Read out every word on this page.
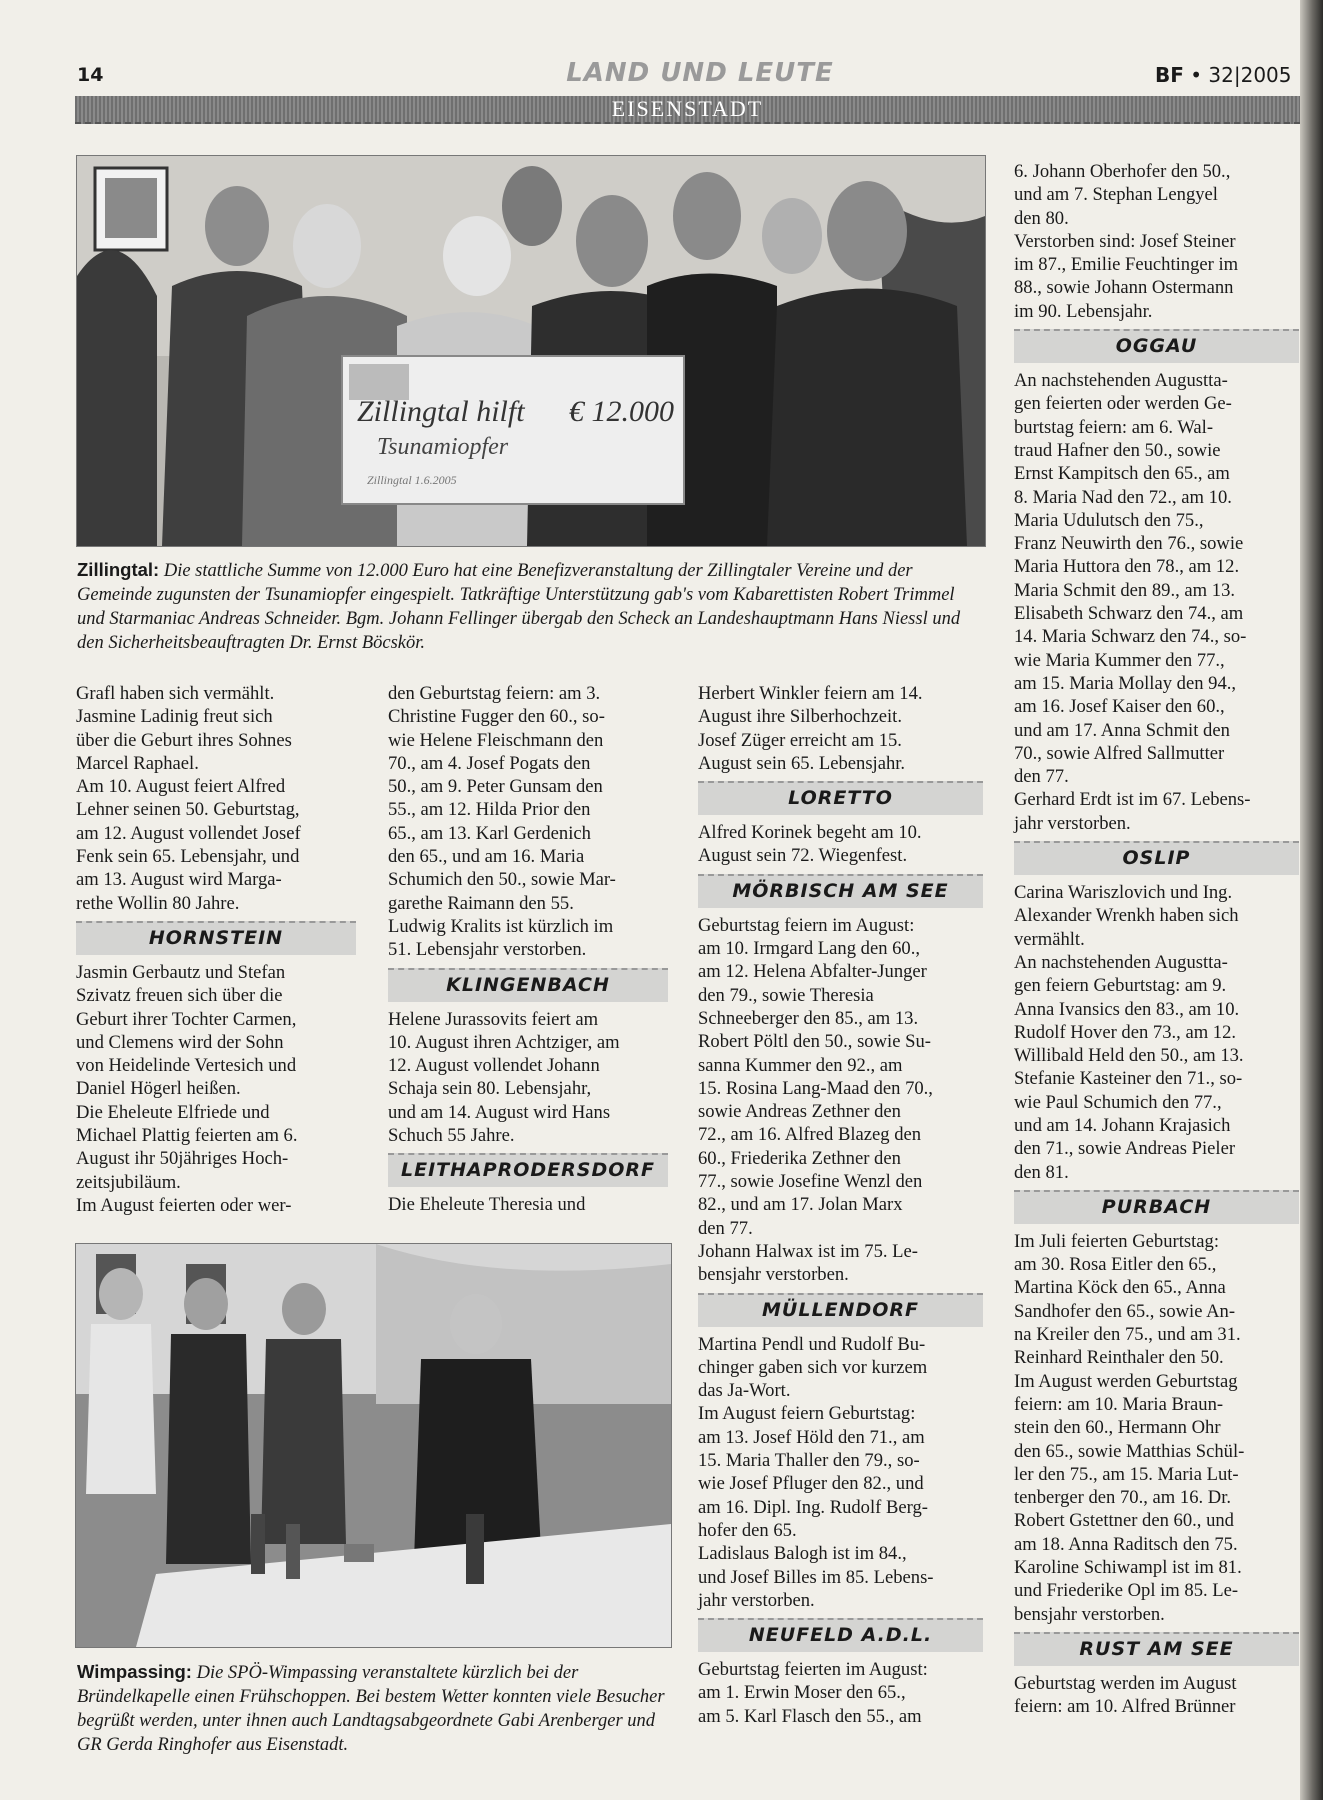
14	LAND UND LEUTE	BF • 32|2005
EISENSTADT
Zillingtal hilft € 12.000
Tsunamiopfer
Zillingtal 1.6.2005
Zillingtal: Die stattliche Summe von 12.000 Euro hat eine Benefizveranstaltung der Zillingtaler Vereine und der Gemeinde zugunsten der Tsunamiopfer eingespielt. Tatkräftige Unterstützung gab's vom Kabarettisten Robert Trimmel und Starmaniac Andreas Schneider. Bgm. Johann Fellinger übergab den Scheck an Landeshauptmann Hans Niessl und den Sicherheitsbeauftragten Dr. Ernst Böcskör.
Wimpassing: Die SPÖ-Wimpassing veranstaltete kürzlich bei der Bründelkapelle einen Frühschoppen. Bei bestem Wetter konnten viele Besucher begrüßt werden, unter ihnen auch Landtagsabgeordnete Gabi Arenberger und GR Gerda Ringhofer aus Eisenstadt.

Grafl haben sich vermählt.
Jasmine Ladinig freut sich
über die Geburt ihres Sohnes
Marcel Raphael.
Am 10. August feiert Alfred
Lehner seinen 50. Geburtstag,
am 12. August vollendet Josef
Fenk sein 65. Lebensjahr, und
am 13. August wird Marga-
rethe Wollin 80 Jahre.

HORNSTEIN

Jasmin Gerbautz und Stefan
Szivatz freuen sich über die
Geburt ihrer Tochter Carmen,
und Clemens wird der Sohn
von Heidelinde Vertesich und
Daniel Högerl heißen.
Die Eheleute Elfriede und
Michael Plattig feierten am 6.
August ihr 50jähriges Hoch-
zeitsjubiläum.
Im August feierten oder wer-

den Geburtstag feiern: am 3.
Christine Fugger den 60., so-
wie Helene Fleischmann den
70., am 4. Josef Pogats den
50., am 9. Peter Gunsam den
55., am 12. Hilda Prior den
65., am 13. Karl Gerdenich
den 65., und am 16. Maria
Schumich den 50., sowie Mar-
garethe Raimann den 55.
Ludwig Kralits ist kürzlich im
51. Lebensjahr verstorben.

KLINGENBACH

Helene Jurassovits feiert am
10. August ihren Achtziger, am
12. August vollendet Johann
Schaja sein 80. Lebensjahr,
und am 14. August wird Hans
Schuch 55 Jahre.

LEITHAPRODERSDORF

Die Eheleute Theresia und

Herbert Winkler feiern am 14.
August ihre Silberhochzeit.
Josef Züger erreicht am 15.
August sein 65. Lebensjahr.

LORETTO

Alfred Korinek begeht am 10.
August sein 72. Wiegenfest.

MÖRBISCH AM SEE

Geburtstag feiern im August:
am 10. Irmgard Lang den 60.,
am 12. Helena Abfalter-Junger
den 79., sowie Theresia
Schneeberger den 85., am 13.
Robert Pöltl den 50., sowie Su-
sanna Kummer den 92., am
15. Rosina Lang-Maad den 70.,
sowie Andreas Zethner den
72., am 16. Alfred Blazeg den
60., Friederika Zethner den
77., sowie Josefine Wenzl den
82., und am 17. Jolan Marx
den 77.
Johann Halwax ist im 75. Le-
bensjahr verstorben.

MÜLLENDORF

Martina Pendl und Rudolf Bu-
chinger gaben sich vor kurzem
das Ja-Wort.
Im August feiern Geburtstag:
am 13. Josef Höld den 71., am
15. Maria Thaller den 79., so-
wie Josef Pfluger den 82., und
am 16. Dipl. Ing. Rudolf Berg-
hofer den 65.
Ladislaus Balogh ist im 84.,
und Josef Billes im 85. Lebens-
jahr verstorben.

NEUFELD A.D.L.

Geburtstag feierten im August:
am 1. Erwin Moser den 65.,
am 5. Karl Flasch den 55., am

6. Johann Oberhofer den 50.,
und am 7. Stephan Lengyel
den 80.
Verstorben sind: Josef Steiner
im 87., Emilie Feuchtinger im
88., sowie Johann Ostermann
im 90. Lebensjahr.

OGGAU

An nachstehenden Augustta-
gen feierten oder werden Ge-
burtstag feiern: am 6. Wal-
traud Hafner den 50., sowie
Ernst Kampitsch den 65., am
8. Maria Nad den 72., am 10.
Maria Udulutsch den 75.,
Franz Neuwirth den 76., sowie
Maria Huttora den 78., am 12.
Maria Schmit den 89., am 13.
Elisabeth Schwarz den 74., am
14. Maria Schwarz den 74., so-
wie Maria Kummer den 77.,
am 15. Maria Mollay den 94.,
am 16. Josef Kaiser den 60.,
und am 17. Anna Schmit den
70., sowie Alfred Sallmutter
den 77.
Gerhard Erdt ist im 67. Lebens-
jahr verstorben.

OSLIP

Carina Wariszlovich und Ing.
Alexander Wrenkh haben sich
vermählt.
An nachstehenden Augustta-
gen feiern Geburtstag: am 9.
Anna Ivansics den 83., am 10.
Rudolf Hover den 73., am 12.
Willibald Held den 50., am 13.
Stefanie Kasteiner den 71., so-
wie Paul Schumich den 77.,
und am 14. Johann Krajasich
den 71., sowie Andreas Pieler
den 81.

PURBACH

Im Juli feierten Geburtstag:
am 30. Rosa Eitler den 65.,
Martina Köck den 65., Anna
Sandhofer den 65., sowie An-
na Kreiler den 75., und am 31.
Reinhard Reinthaler den 50.
Im August werden Geburtstag
feiern: am 10. Maria Braun-
stein den 60., Hermann Ohr
den 65., sowie Matthias Schül-
ler den 75., am 15. Maria Lut-
tenberger den 70., am 16. Dr.
Robert Gstettner den 60., und
am 18. Anna Raditsch den 75.
Karoline Schiwampl ist im 81.
und Friederike Opl im 85. Le-
bensjahr verstorben.

RUST AM SEE

Geburtstag werden im August
feiern: am 10. Alfred Brünner
